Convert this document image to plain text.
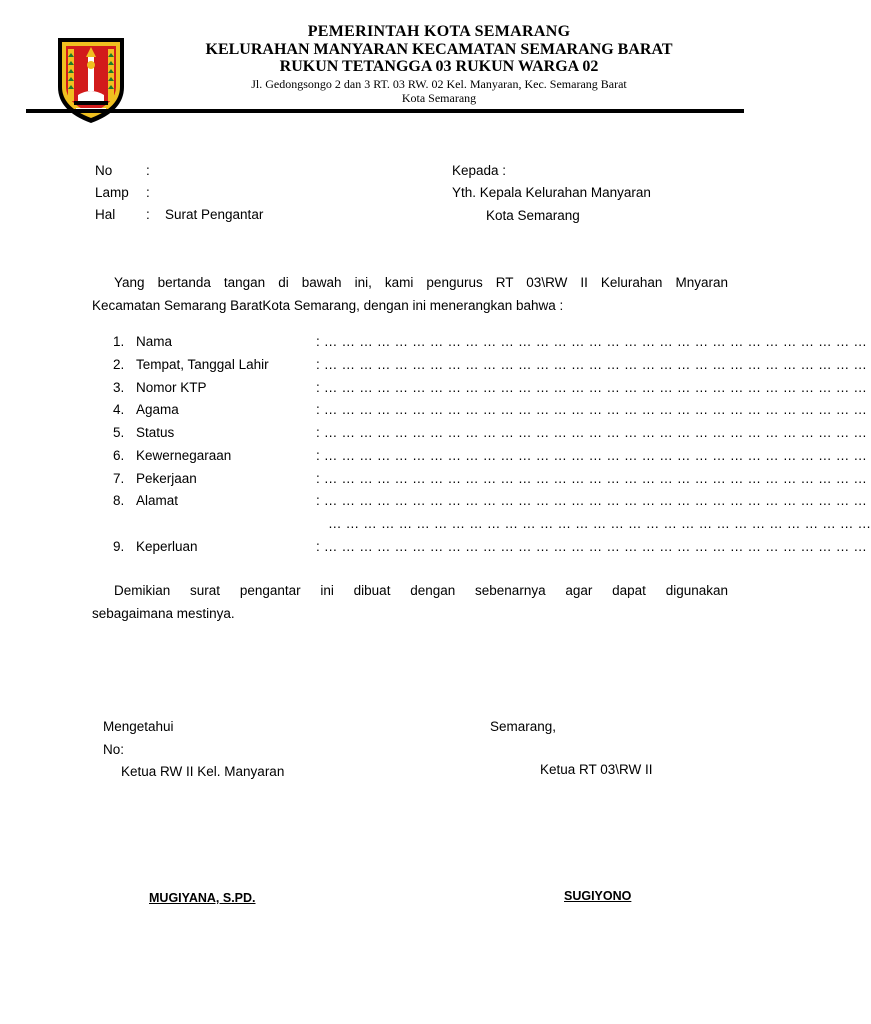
PEMERINTAH KOTA SEMARANG
KELURAHAN MANYARAN KECAMATAN SEMARANG BARAT
RUKUN TETANGGA 03 RUKUN WARGA 02
Jl. Gedongsongo 2 dan 3 RT. 03 RW. 02 Kel. Manyaran, Kec. Semarang Barat
Kota Semarang
No :
Lamp :
Hal : Surat Pengantar
Kepada :
Yth. Kepala Kelurahan Manyaran
Kota Semarang
Yang bertanda tangan di bawah ini, kami pengurus RT 03\RW II Kelurahan Mnyaran
Kecamatan Semarang BaratKota Semarang, dengan ini menerangkan bahwa :
1. Nama	: … … … … … … … … … … … … … … … … … … … … … … … … … … … … … … …
2. Tempat, Tanggal Lahir	: … … … … … … … … … … … … … … … … … … … … … … … … … … … … … … …
3. Nomor KTP	: … … … … … … … … … … … … … … … … … … … … … … … … … … … … … … …
4. Agama	: … … … … … … … … … … … … … … … … … … … … … … … … … … … … … … …
5. Status	: … … … … … … … … … … … … … … … … … … … … … … … … … … … … … … …
6. Kewernegaraan	: … … … … … … … … … … … … … … … … … … … … … … … … … … … … … … …
7. Pekerjaan	: … … … … … … … … … … … … … … … … … … … … … … … … … … … … … … …
8. Alamat	: … … … … … … … … … … … … … … … … … … … … … … … … … … … … … … …
… … … … … … … … … … … … … … … … … … … … … … … … … … … … … … …
9. Keperluan	: … … … … … … … … … … … … … … … … … … … … … … … … … … … … … … …
Demikian surat pengantar ini dibuat dengan sebenarnya agar dapat digunakan
sebagaimana mestinya.
Mengetahui
No:
Ketua RW II Kel. Manyaran
MUGIYANA, S.PD.
Semarang,
Ketua RT 03\RW II
SUGIYONO
